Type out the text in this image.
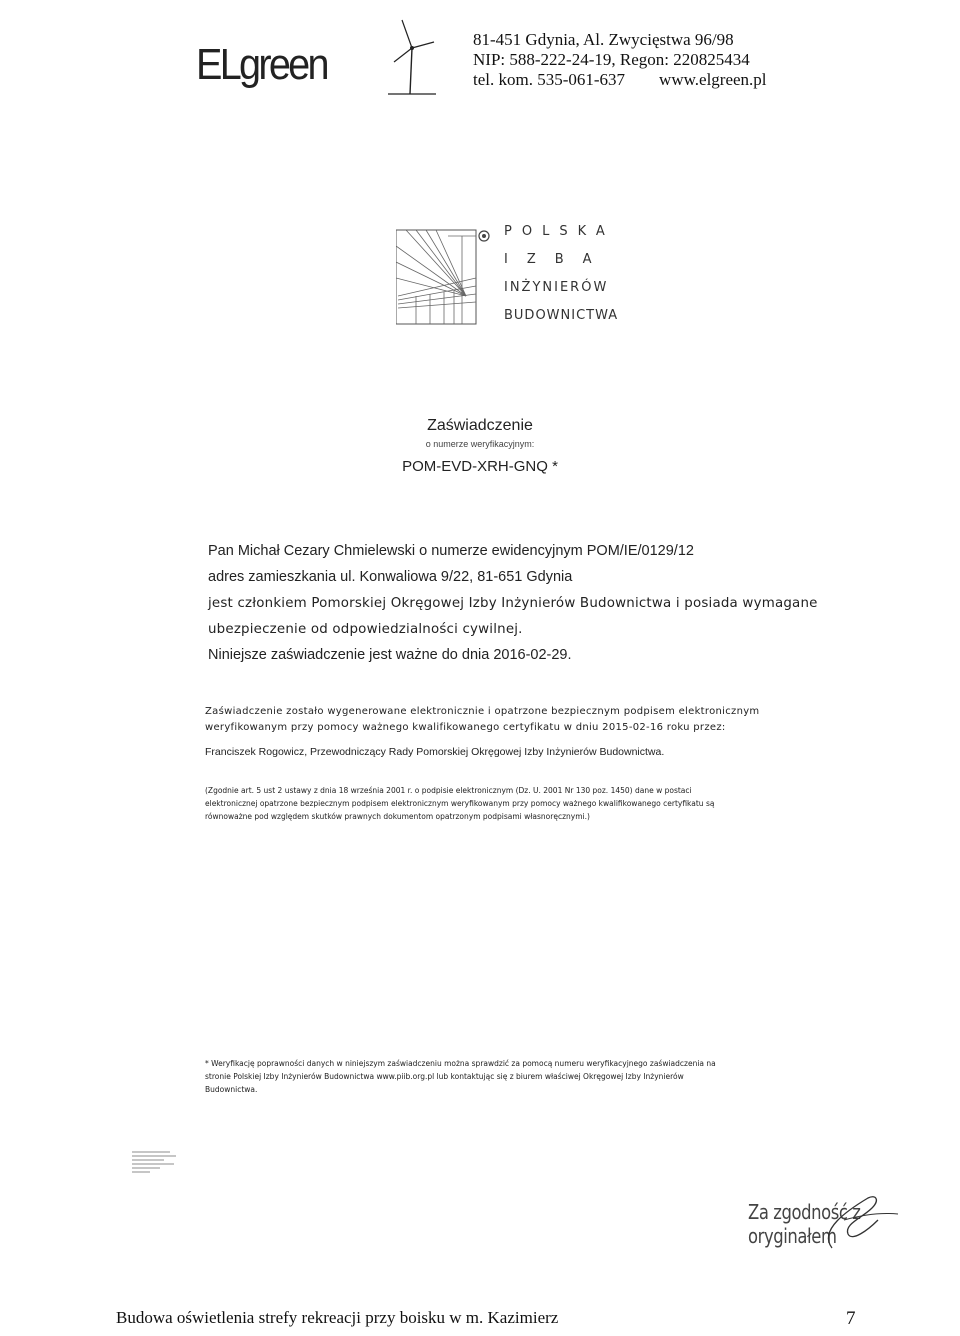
ELgreen
81-451 Gdynia, Al. Zwycięstwa 96/98
NIP: 588-222-24-19, Regon: 220825434
tel. kom. 535-061-637 www.elgreen.pl
POLSKA
IZBA
INŻYNIERÓW
BUDOWNICTWA
Zaświadczenie
o numerze weryfikacyjnym:
POM-EVD-XRH-GNQ *
Pan Michał Cezary Chmielewski o numerze ewidencyjnym POM/IE/0129/12
adres zamieszkania ul. Konwaliowa 9/22, 81-651 Gdynia
jest członkiem Pomorskiej Okręgowej Izby Inżynierów Budownictwa i posiada wymagane
ubezpieczenie od odpowiedzialności cywilnej.
Niniejsze zaświadczenie jest ważne do dnia 2016-02-29.
Zaświadczenie zostało wygenerowane elektronicznie i opatrzone bezpiecznym podpisem elektronicznym
weryfikowanym przy pomocy ważnego kwalifikowanego certyfikatu w dniu 2015-02-16 roku przez:
Franciszek Rogowicz, Przewodniczący Rady Pomorskiej Okręgowej Izby Inżynierów Budownictwa.
(Zgodnie art. 5 ust 2 ustawy z dnia 18 września 2001 r. o podpisie elektronicznym (Dz. U. 2001 Nr 130 poz. 1450) dane w postaci
elektronicznej opatrzone bezpiecznym podpisem elektronicznym weryfikowanym przy pomocy ważnego kwalifikowanego certyfikatu są
równoważne pod względem skutków prawnych dokumentom opatrzonym podpisami własnoręcznymi.)
* Weryfikację poprawności danych w niniejszym zaświadczeniu można sprawdzić za pomocą numeru weryfikacyjnego zaświadczenia na
stronie Polskiej Izby Inżynierów Budownictwa www.piib.org.pl lub kontaktując się z biurem właściwej Okręgowej Izby Inżynierów
Budownictwa.
Za zgodność z oryginałem
Budowa oświetlenia strefy rekreacji przy boisku w m. Kazimierz	7
